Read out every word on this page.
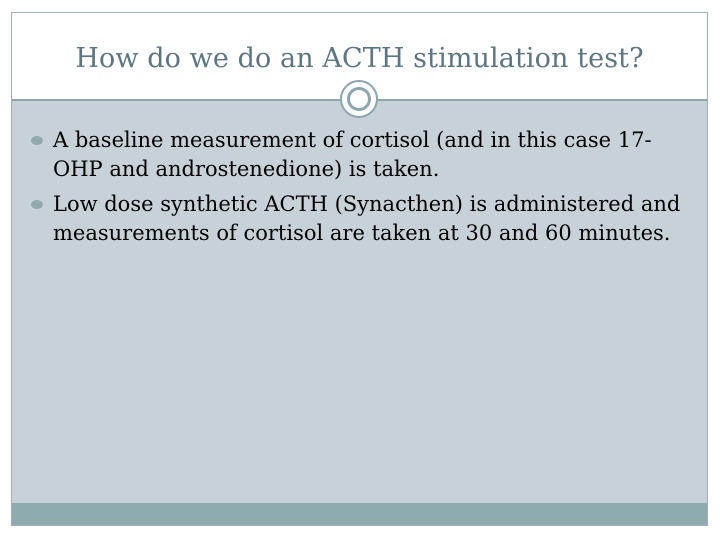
How do we do an ACTH stimulation test?
A baseline measurement of cortisol (and in this case 17-OHP and androstenedione) is taken.
Low dose synthetic ACTH (Synacthen) is administered and measurements of cortisol are taken at 30 and 60 minutes.
